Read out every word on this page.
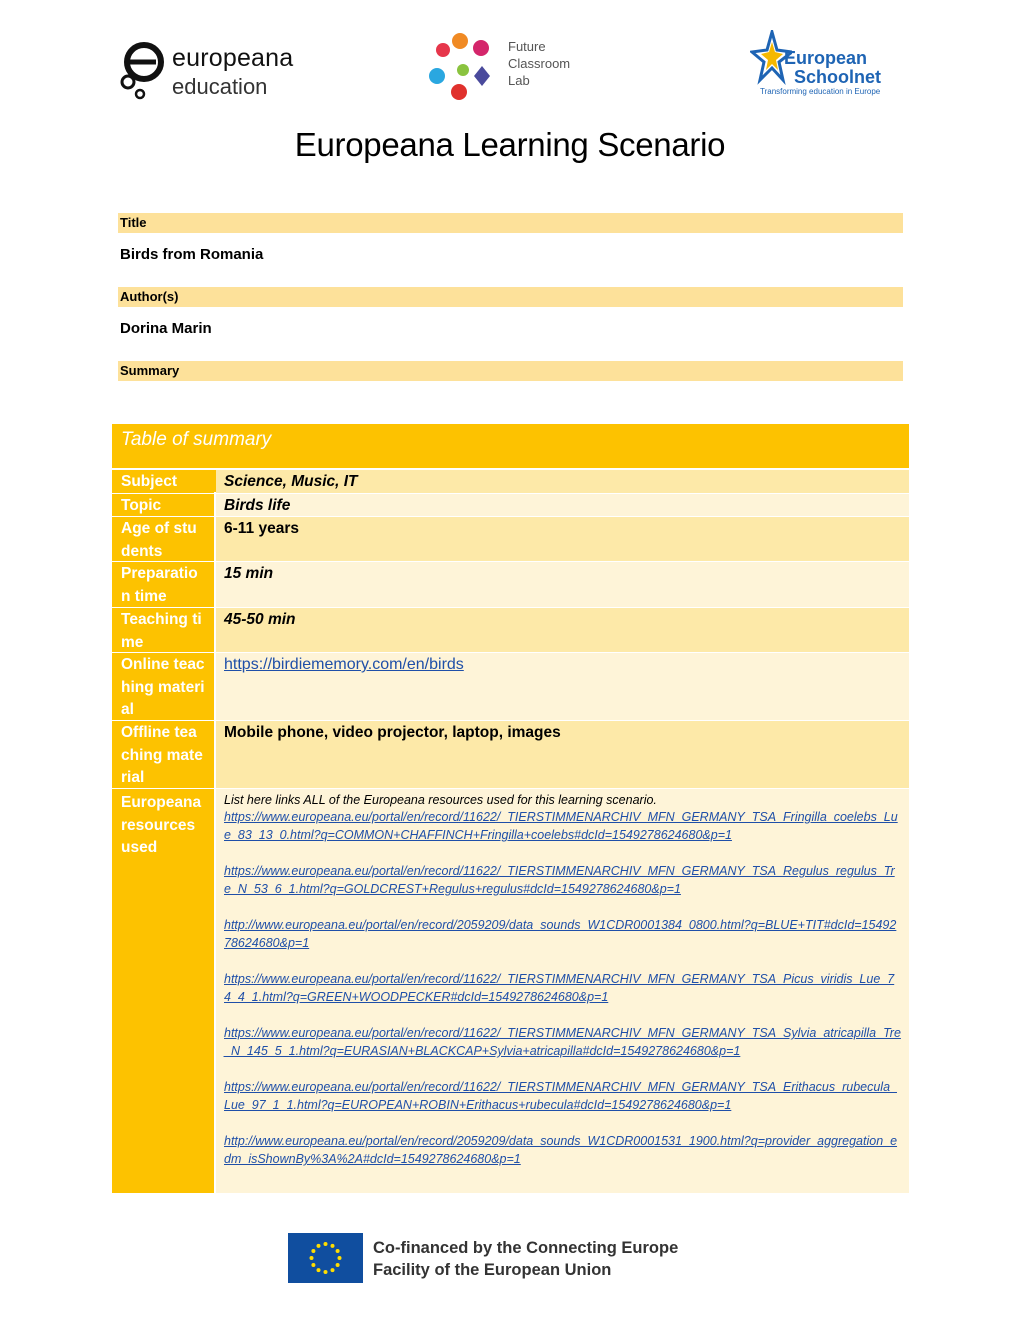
europeana
education
Future
Classroom
Lab
European
Schoolnet
Transforming education in Europe
Europeana Learning Scenario
Title
Birds from Romania
Author(s)
Dorina Marin
Summary
Table of summary
Subject	Science, Music, IT
Topic	Birds life
Age of students
6-11 years
Preparation time
15 min
Teaching time
45-50 min
Online teaching material
https://birdiememory.com/en/birds
Offline teaching material
Mobile phone, video projector, laptop, images
Europeana resources used
List here links ALL of the Europeana resources used for this learning scenario.
https://www.europeana.eu/portal/en/record/11622/_TIERSTIMMENARCHIV_MFN_GERMANY_TSA_Fringilla_coelebs_Lue_83_13_0.html?q=COMMON+CHAFFINCH+Fringilla+coelebs#dcId=1549278624680&p=1
https://www.europeana.eu/portal/en/record/11622/_TIERSTIMMENARCHIV_MFN_GERMANY_TSA_Regulus_regulus_Tre_N_53_6_1.html?q=GOLDCREST+Regulus+regulus#dcId=1549278624680&p=1
http://www.europeana.eu/portal/en/record/2059209/data_sounds_W1CDR0001384_0800.html?q=BLUE+TIT#dcId=1549278624680&p=1
https://www.europeana.eu/portal/en/record/11622/_TIERSTIMMENARCHIV_MFN_GERMANY_TSA_Picus_viridis_Lue_74_4_1.html?q=GREEN+WOODPECKER#dcId=1549278624680&p=1
https://www.europeana.eu/portal/en/record/11622/_TIERSTIMMENARCHIV_MFN_GERMANY_TSA_Sylvia_atricapilla_Tre_N_145_5_1.html?q=EURASIAN+BLACKCAP+Sylvia+atricapilla#dcId=1549278624680&p=1
https://www.europeana.eu/portal/en/record/11622/_TIERSTIMMENARCHIV_MFN_GERMANY_TSA_Erithacus_rubecula_Lue_97_1_1.html?q=EUROPEAN+ROBIN+Erithacus+rubecula#dcId=1549278624680&p=1
http://www.europeana.eu/portal/en/record/2059209/data_sounds_W1CDR0001531_1900.html?q=provider_aggregation_edm_isShownBy%3A%2A#dcId=1549278624680&p=1
Co-financed by the Connecting Europe
Facility of the European Union
